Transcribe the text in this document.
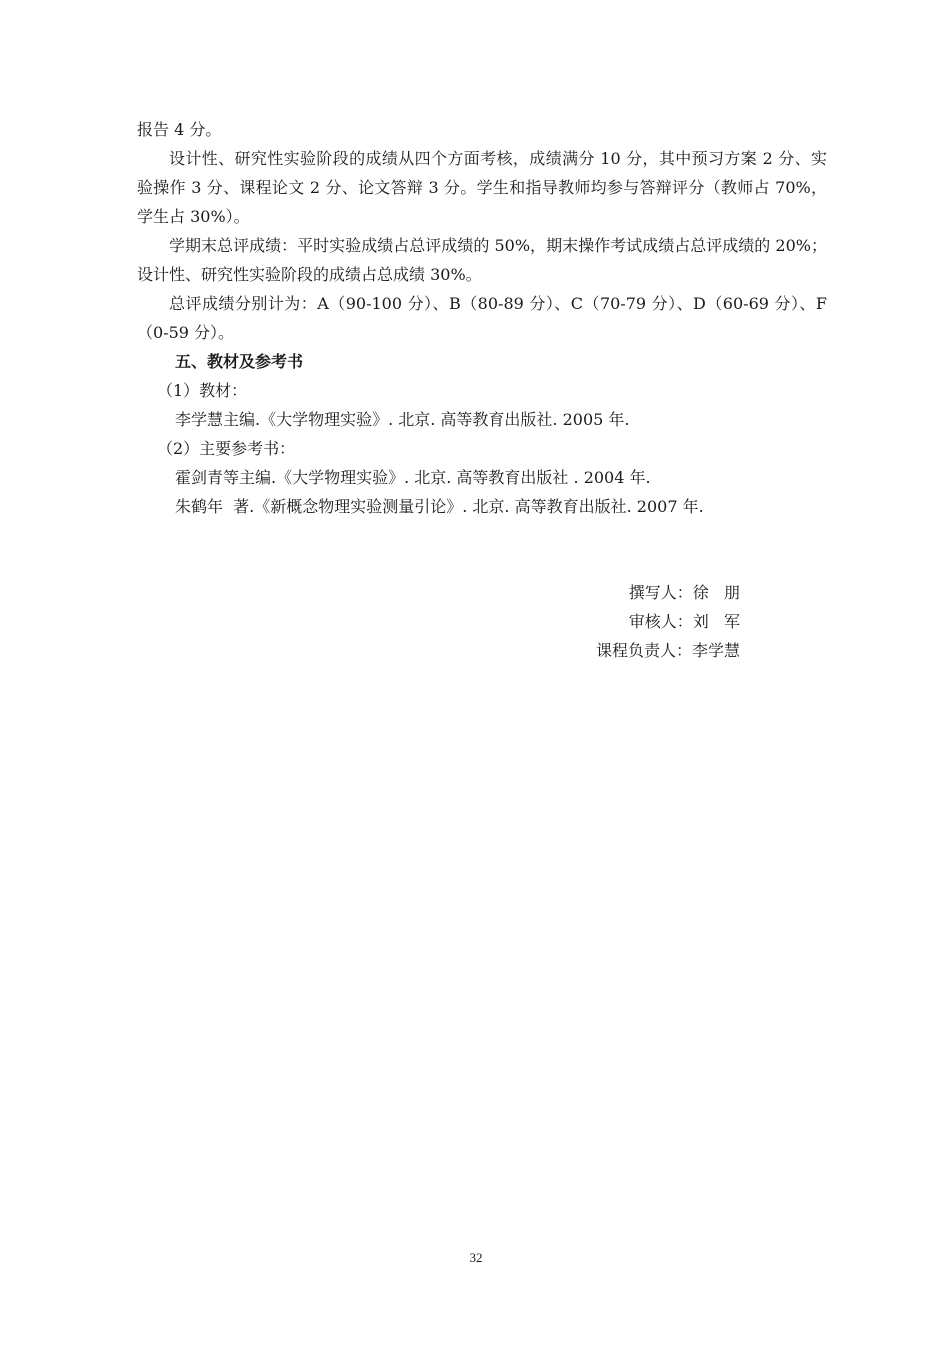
报告 4 分。

设计性、研究性实验阶段的成绩从四个方面考核，成绩满分 10 分，其中预习方案 2 分、实验操作 3 分、课程论文 2 分、论文答辩 3 分。学生和指导教师均参与答辩评分（教师占 70%，学生占 30%）。

学期末总评成绩：平时实验成绩占总评成绩的 50%，期末操作考试成绩占总评成绩的 20%；设计性、研究性实验阶段的成绩占总成绩 30%。

总评成绩分别计为：A（90-100 分）、B（80-89 分）、C（70-79 分）、D（60-69 分）、F（0-59 分）。

五、教材及参考书

（1）教材：

李学慧主编.《大学物理实验》. 北京. 高等教育出版社. 2005 年.

（2）主要参考书：

霍剑青等主编.《大学物理实验》. 北京. 高等教育出版社 . 2004 年.

朱鹤年  著.《新概念物理实验测量引论》. 北京. 高等教育出版社. 2007 年.

撰写人：徐   朋
审核人：刘   军
课程负责人：李学慧
32
